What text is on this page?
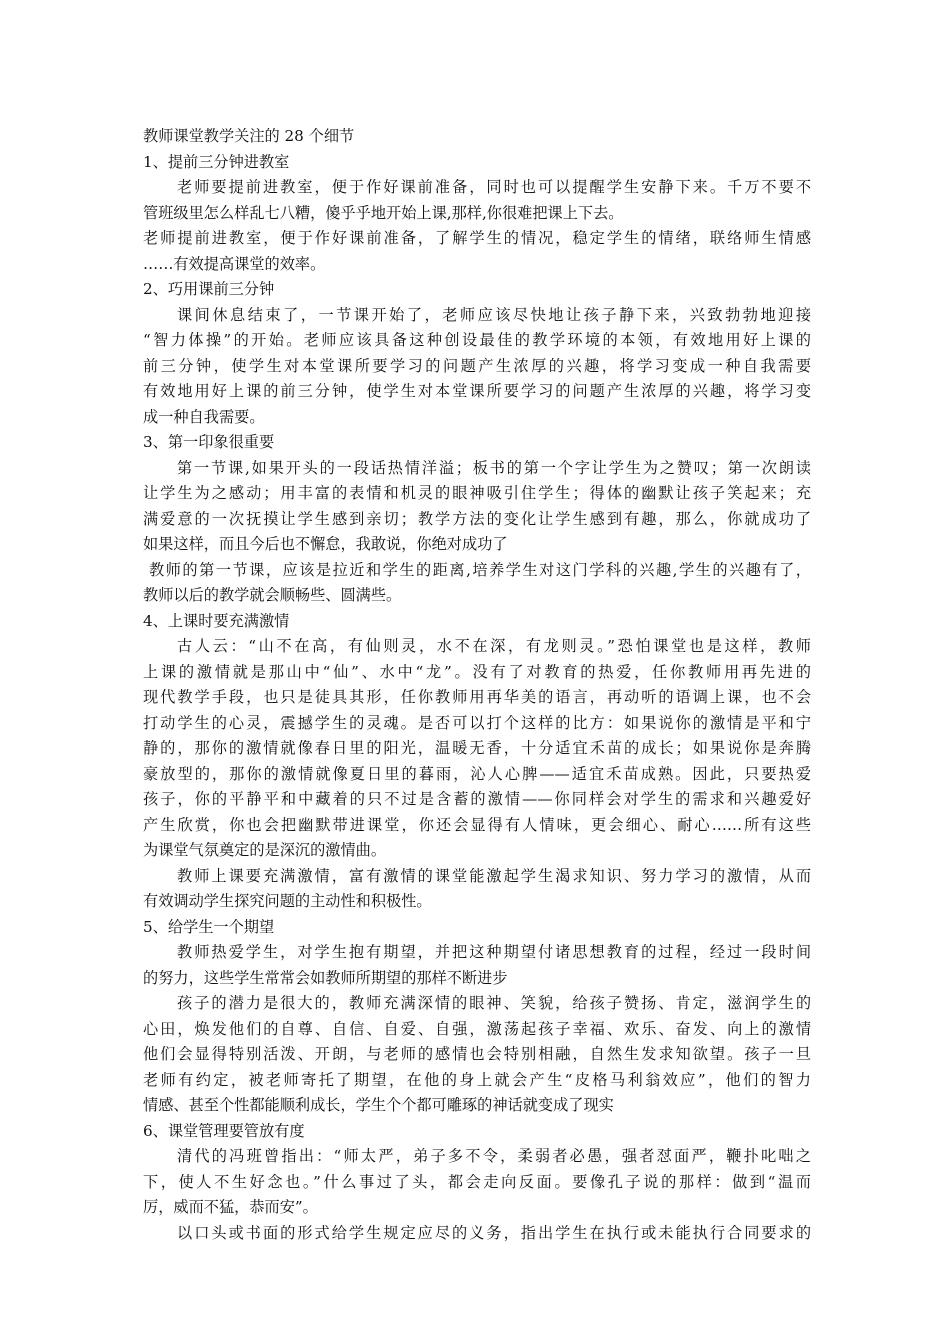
教师课堂教学关注的 28 个细节
1、提前三分钟进教室
老师要提前进教室，便于作好课前准备，同时也可以提醒学生安静下来。千万不要不
管班级里怎么样乱七八糟，傻乎乎地开始上课,那样,你很难把课上下去。
老师提前进教室，便于作好课前准备，了解学生的情况，稳定学生的情绪，联络师生情感
……有效提高课堂的效率。
2、巧用课前三分钟
课间休息结束了，一节课开始了，老师应该尽快地让孩子静下来，兴致勃勃地迎接
“智力体操”的开始。老师应该具备这种创设最佳的教学环境的本领，有效地用好上课的
前三分钟，使学生对本堂课所要学习的问题产生浓厚的兴趣，将学习变成一种自我需要
有效地用好上课的前三分钟，使学生对本堂课所要学习的问题产生浓厚的兴趣，将学习变
成一种自我需要。
3、第一印象很重要
第一节课,如果开头的一段话热情洋溢；板书的第一个字让学生为之赞叹；第一次朗读
让学生为之感动；用丰富的表情和机灵的眼神吸引住学生；得体的幽默让孩子笑起来；充
满爱意的一次抚摸让学生感到亲切；教学方法的变化让学生感到有趣，那么，你就成功了
如果这样，而且今后也不懈怠，我敢说，你绝对成功了
教师的第一节课，应该是拉近和学生的距离,培养学生对这门学科的兴趣,学生的兴趣有了，
教师以后的教学就会顺畅些、圆满些。
4、上课时要充满激情
古人云：“山不在高，有仙则灵，水不在深，有龙则灵。”恐怕课堂也是这样，教师
上课的激情就是那山中“仙”、水中“龙”。没有了对教育的热爱，任你教师用再先进的
现代教学手段，也只是徒具其形，任你教师用再华美的语言，再动听的语调上课，也不会
打动学生的心灵，震撼学生的灵魂。是否可以打个这样的比方：如果说你的激情是平和宁
静的，那你的激情就像春日里的阳光，温暖无香，十分适宜禾苗的成长；如果说你是奔腾
豪放型的，那你的激情就像夏日里的暮雨，沁人心脾——适宜禾苗成熟。因此，只要热爱
孩子，你的平静平和中藏着的只不过是含蓄的激情——你同样会对学生的需求和兴趣爱好
产生欣赏，你也会把幽默带进课堂，你还会显得有人情味，更会细心、耐心……所有这些
为课堂气氛奠定的是深沉的激情曲。
教师上课要充满激情，富有激情的课堂能激起学生渴求知识、努力学习的激情，从而
有效调动学生探究问题的主动性和积极性。
5、给学生一个期望
教师热爱学生，对学生抱有期望，并把这种期望付诸思想教育的过程，经过一段时间
的努力，这些学生常常会如教师所期望的那样不断进步
孩子的潜力是很大的，教师充满深情的眼神、笑貌，给孩子赞扬、肯定，滋润学生的
心田，焕发他们的自尊、自信、自爱、自强，激荡起孩子幸福、欢乐、奋发、向上的激情
他们会显得特别活泼、开朗，与老师的感情也会特别相融，自然生发求知欲望。孩子一旦
老师有约定，被老师寄托了期望，在他的身上就会产生“皮格马利翁效应”，他们的智力
情感、甚至个性都能顺利成长，学生个个都可雕琢的神话就变成了现实
6、课堂管理要管放有度
清代的冯班曾指出：“师太严，弟子多不令，柔弱者必愚，强者怼面严，鞭扑叱咄之
下，使人不生好念也。”什么事过了头，都会走向反面。要像孔子说的那样：做到“温而
厉，威而不猛，恭而安”。
以口头或书面的形式给学生规定应尽的义务，指出学生在执行或未能执行合同要求的
